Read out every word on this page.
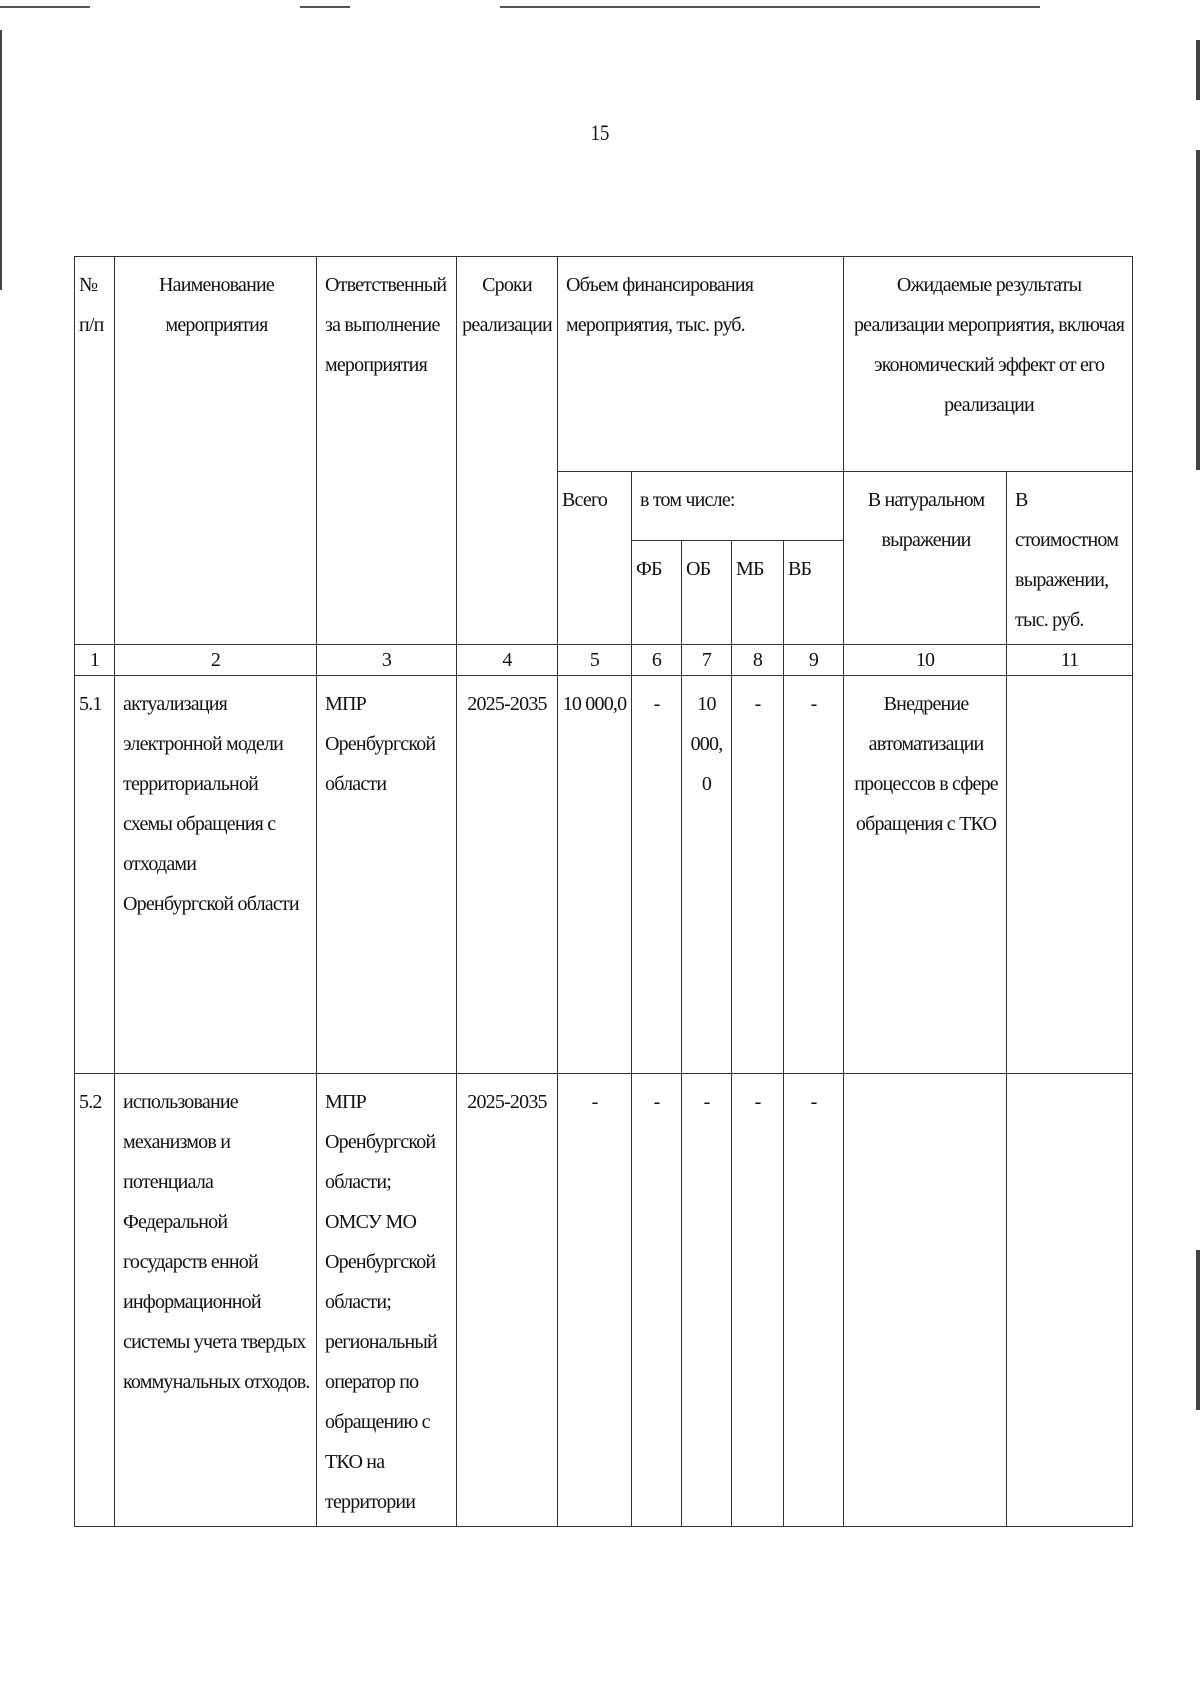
15
№ п/п	Наименование мероприятия	Ответственный за выполнение мероприятия	Сроки реализации	Объем финансирования мероприятия, тыс. руб.					Ожидаемые результаты реализации мероприятия, включая экономический эффект от его реализации	
				Всего	в том числе:				В натуральном выражении	В стоимостном выражении, тыс. руб.
					ФБ	ОБ	МБ	ВБ		
1	2	3	4	5	6	7	8	9	10	11
5.1	актуализация электронной модели территориальной схемы обращения с отходами Оренбургской области	МПР Оренбургской области	2025-2035	10 000,0	-	10 000, 0	-	-	Внедрение автоматизации процессов в сфере обращения с ТКО	
5.2	использование механизмов и потенциала Федеральной государств енной информационной системы учета твердых коммунальных отходов.	МПР Оренбургской области; ОМСУ МО Оренбургской области; региональный оператор по обращению с ТКО на территории	2025-2035	-	-	-	-	-		
